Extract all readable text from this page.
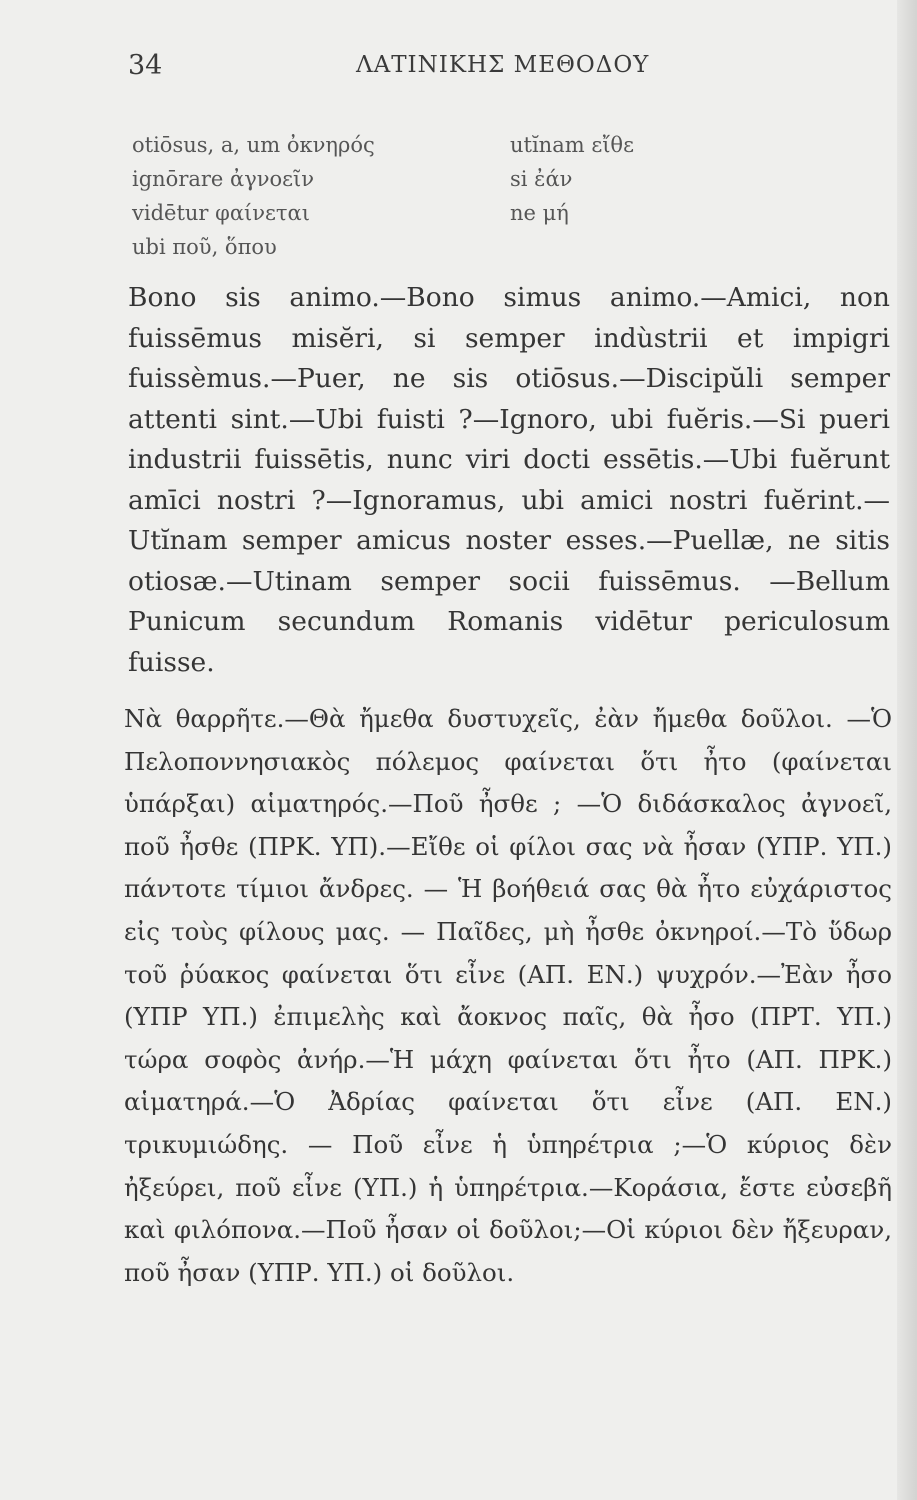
34	ΛΑΤΙΝΙΚΗΣ ΜΕΘΟΔΟΥ
otiōsus, a, um ὀκνηρός
ignōrare ἀγνοεῖν
vidētur φαίνεται
ubi ποῦ, ὅπου
utĭnam εἴθε
si ἐάν
ne μή

Bono sis animo.—Bono simus animo.—Amici, non fuissēmus misĕri, si semper indùstrii et impigri fuissèmus.—Puer, ne sis otiōsus.—Discipŭli semper attenti sint.—Ubi fuisti ?—Ignoro, ubi fuĕris.—Si pueri industrii fuissētis, nunc viri docti essētis.—Ubi fuĕrunt amīci nostri ?—Ignoramus, ubi amici nostri fuĕrint.—Utĭnam semper amicus noster esses.—Puellæ, ne sitis otiosæ.—Utinam semper socii fuissēmus. —Bellum Punicum secundum Romanis vidētur periculosum fuisse.

Νὰ θαρρῆτε.—Θὰ ἤμεθα δυστυχεῖς, ἐὰν ἤμεθα δοῦλοι. —Ὁ Πελοποννησιακὸς πόλεμος φαίνεται ὅτι ἦτο (φαίνεται ὑπάρξαι) αἱματηρός.—Ποῦ ἦσθε ; —Ὁ διδάσκαλος ἀγνοεῖ, ποῦ ἦσθε (ΠΡΚ. ΥΠ).—Εἴθε οἱ φίλοι σας νὰ ἦσαν (ΥΠΡ. ΥΠ.) πάντοτε τίμιοι ἄνδρες. — Ἡ βοήθειά σας θὰ ἦτο εὐχάριστος εἰς τοὺς φίλους μας. — Παῖδες, μὴ ἦσθε ὀκνηροί.—Τὸ ὕδωρ τοῦ ῥύακος φαίνεται ὅτι εἶνε (ΑΠ. ΕΝ.) ψυχρόν.—Ἐὰν ἦσο (ΥΠΡ ΥΠ.) ἐπιμελὴς καὶ ἄοκνος παῖς, θὰ ἦσο (ΠΡΤ. ΥΠ.) τώρα σοφὸς ἀνήρ.—Ἡ μάχη φαίνεται ὅτι ἦτο (ΑΠ. ΠΡΚ.) αἱματηρά.—Ὁ Ἀδρίας φαίνεται ὅτι εἶνε (ΑΠ. ΕΝ.) τρικυμιώδης. — Ποῦ εἶνε ἡ ὑπηρέτρια ;—Ὁ κύριος δὲν ἠξεύρει, ποῦ εἶνε (ΥΠ.) ἡ ὑπηρέτρια.—Κοράσια, ἔστε εὐσεβῆ καὶ φιλόπονα.—Ποῦ ἦσαν οἱ δοῦλοι;—Οἱ κύριοι δὲν ἤξευραν, ποῦ ἦσαν (ΥΠΡ. ΥΠ.) οἱ δοῦλοι.
